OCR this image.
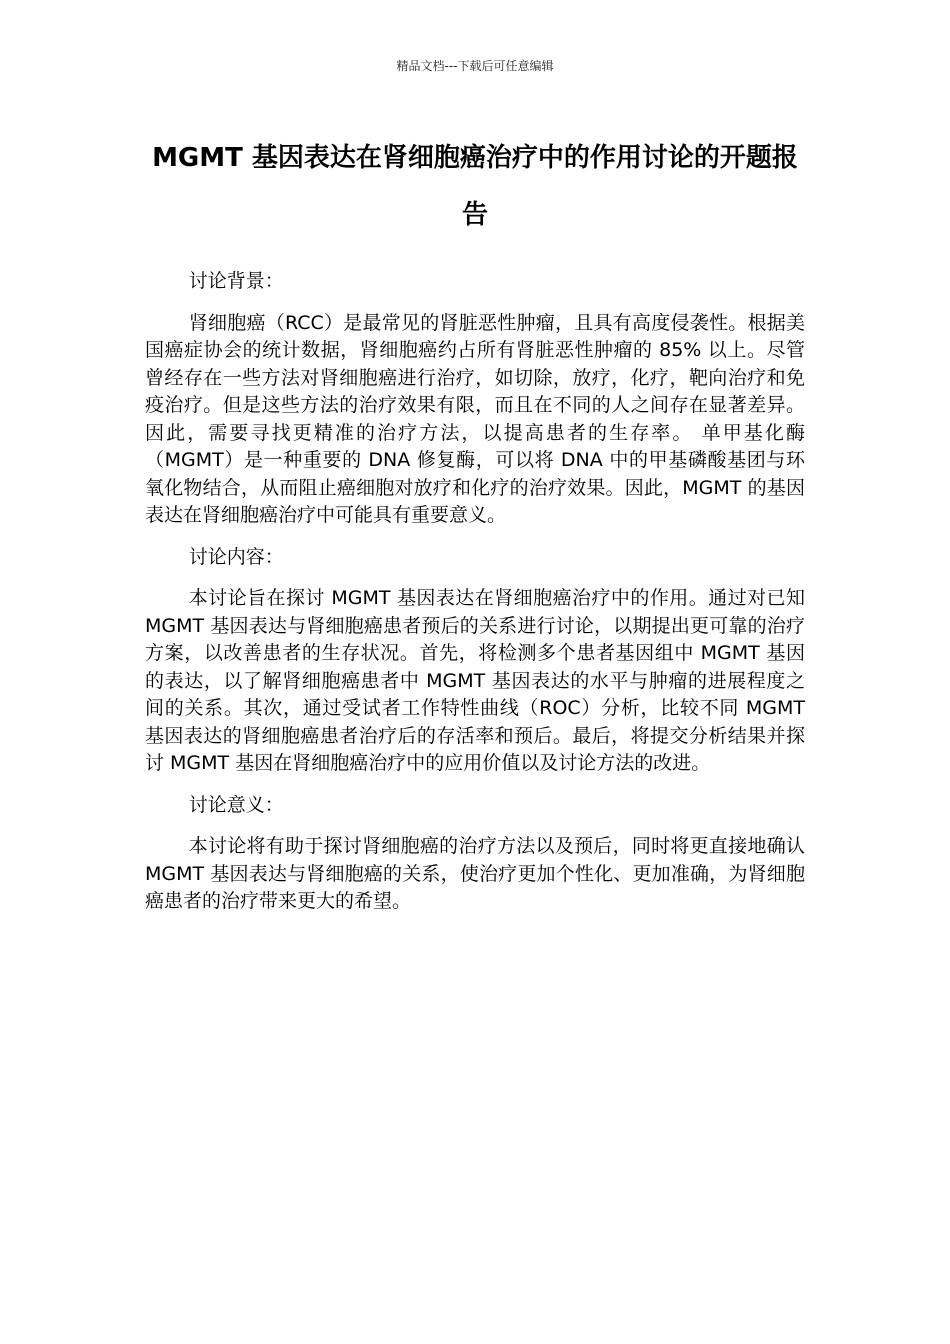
精品文档---下载后可任意编辑
MGMT 基因表达在肾细胞癌治疗中的作用讨论的开题报告

讨论背景：

肾细胞癌（RCC）是最常见的肾脏恶性肿瘤，且具有高度侵袭性。根据美国癌症协会的统计数据，肾细胞癌约占所有肾脏恶性肿瘤的 85% 以上。尽管曾经存在一些方法对肾细胞癌进行治疗，如切除，放疗，化疗，靶向治疗和免疫治疗。但是这些方法的治疗效果有限，而且在不同的人之间存在显著差异。因此，需要寻找更精准的治疗方法，以提高患者的生存率。 单甲基化酶（MGMT）是一种重要的 DNA 修复酶，可以将 DNA 中的甲基磷酸基团与环氧化物结合，从而阻止癌细胞对放疗和化疗的治疗效果。因此，MGMT 的基因表达在肾细胞癌治疗中可能具有重要意义。

讨论内容：

本讨论旨在探讨 MGMT 基因表达在肾细胞癌治疗中的作用。通过对已知 MGMT 基因表达与肾细胞癌患者预后的关系进行讨论，以期提出更可靠的治疗方案，以改善患者的生存状况。首先，将检测多个患者基因组中 MGMT 基因的表达，以了解肾细胞癌患者中 MGMT 基因表达的水平与肿瘤的进展程度之间的关系。其次，通过受试者工作特性曲线（ROC）分析，比较不同 MGMT 基因表达的肾细胞癌患者治疗后的存活率和预后。最后，将提交分析结果并探讨 MGMT 基因在肾细胞癌治疗中的应用价值以及讨论方法的改进。

讨论意义：

本讨论将有助于探讨肾细胞癌的治疗方法以及预后，同时将更直接地确认 MGMT 基因表达与肾细胞癌的关系，使治疗更加个性化、更加准确，为肾细胞癌患者的治疗带来更大的希望。
